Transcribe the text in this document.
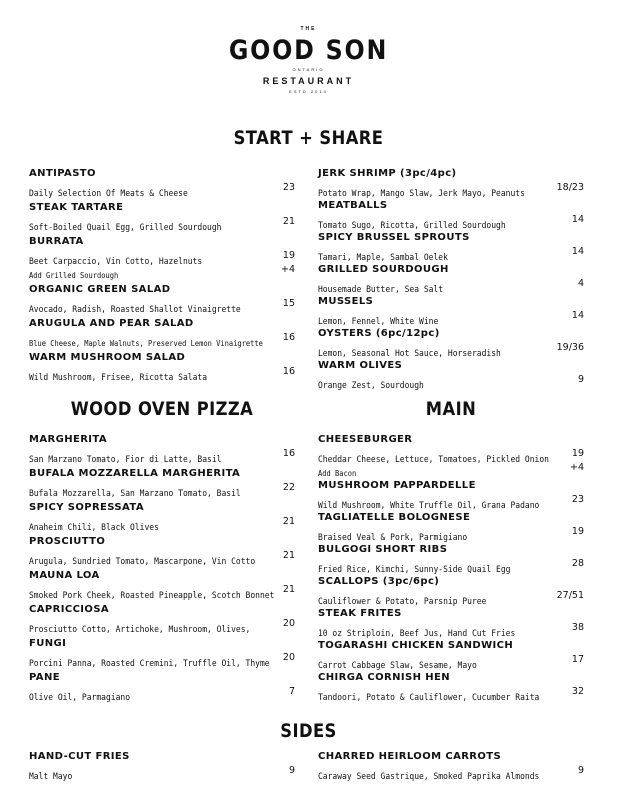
THE
GOOD SON
ONTARIO
RESTAURANT
ESTD 2014
START + SHARE
ANTIPASTO
Daily Selection Of Meats & Cheese
23
STEAK TARTARE
Soft-Boiled Quail Egg, Grilled Sourdough
21
BURRATA
Beet Carpaccio, Vin Cotto, Hazelnuts
19
Add Grilled Sourdough
+4
ORGANIC GREEN SALAD
Avocado, Radish, Roasted Shallot Vinaigrette
15
ARUGULA AND PEAR SALAD
Blue Cheese, Maple Walnuts, Preserved Lemon Vinaigrette
16
WARM MUSHROOM SALAD
Wild Mushroom, Frisee, Ricotta Salata
16
JERK SHRIMP (3pc/4pc)
Potato Wrap, Mango Slaw, Jerk Mayo, Peanuts
18/23
MEATBALLS
Tomato Sugo, Ricotta, Grilled Sourdough
14
SPICY BRUSSEL SPROUTS
Tamari, Maple, Sambal Oelek
14
GRILLED SOURDOUGH
Housemade Butter, Sea Salt
4
MUSSELS
Lemon, Fennel, White Wine
14
OYSTERS (6pc/12pc)
Lemon, Seasonal Hot Sauce, Horseradish
19/36
WARM OLIVES
Orange Zest, Sourdough
9
WOOD OVEN PIZZA	MAIN
MARGHERITA
San Marzano Tomato, Fior di Latte, Basil
16
BUFALA MOZZARELLA MARGHERITA
Bufala Mozzarella, San Marzano Tomato, Basil
22
SPICY SOPRESSATA
Anaheim Chili, Black Olives
21
PROSCIUTTO
Arugula, Sundried Tomato, Mascarpone, Vin Cotto
21
MAUNA LOA
Smoked Pork Cheek, Roasted Pineapple, Scotch Bonnet
21
CAPRICCIOSA
Prosciutto Cotto, Artichoke, Mushroom, Olives,
20
FUNGI
Porcini Panna, Roasted Cremini, Truffle Oil, Thyme
20
PANE
Olive Oil, Parmagiano
7
CHEESEBURGER
Cheddar Cheese, Lettuce, Tomatoes, Pickled Onion
19
Add Bacon
+4
MUSHROOM PAPPARDELLE
Wild Mushroom, White Truffle Oil, Grana Padano
23
TAGLIATELLE BOLOGNESE
Braised Veal & Pork, Parmigiano
19
BULGOGI SHORT RIBS
Fried Rice, Kimchi, Sunny-Side Quail Egg
28
SCALLOPS (3pc/6pc)
Cauliflower & Potato, Parsnip Puree
27/51
STEAK FRITES
10 oz Striploin, Beef Jus, Hand Cut Fries
38
TOGARASHI CHICKEN SANDWICH
Carrot Cabbage Slaw, Sesame, Mayo
17
CHIRGA CORNISH HEN
Tandoori, Potato & Cauliflower, Cucumber Raita
32
SIDES
HAND-CUT FRIES
Malt Mayo
9
CHARRED HEIRLOOM CARROTS
Caraway Seed Gastrique, Smoked Paprika Almonds
9
